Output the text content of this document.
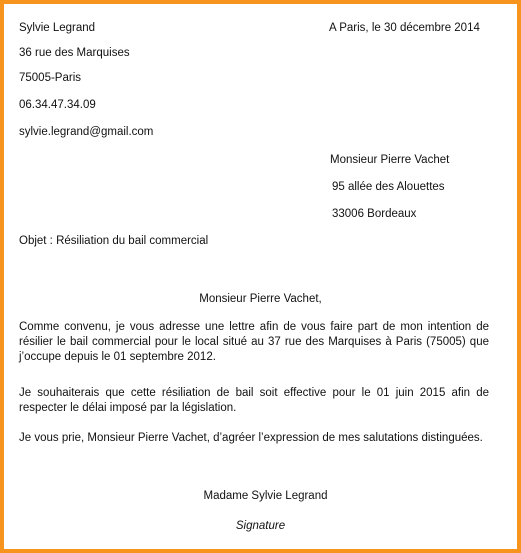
Sylvie Legrand
36 rue des Marquises
75005-Paris
06.34.47.34.09
sylvie.legrand@gmail.com
A Paris, le 30 décembre 2014
Monsieur Pierre Vachet
95 allée des Alouettes
33006 Bordeaux
Objet : Résiliation du bail commercial
Monsieur Pierre Vachet,
Comme convenu, je vous adresse une lettre afin de vous faire part de mon intention de résilier le bail commercial pour le local situé au 37 rue des Marquises à Paris (75005) que j’occupe depuis le 01 septembre 2012.
Je souhaiterais que cette résiliation de bail soit effective pour le 01 juin 2015 afin de respecter le délai imposé par la législation.
Je vous prie, Monsieur Pierre Vachet, d’agréer l’expression de mes salutations distinguées.
Madame Sylvie Legrand
Signature
